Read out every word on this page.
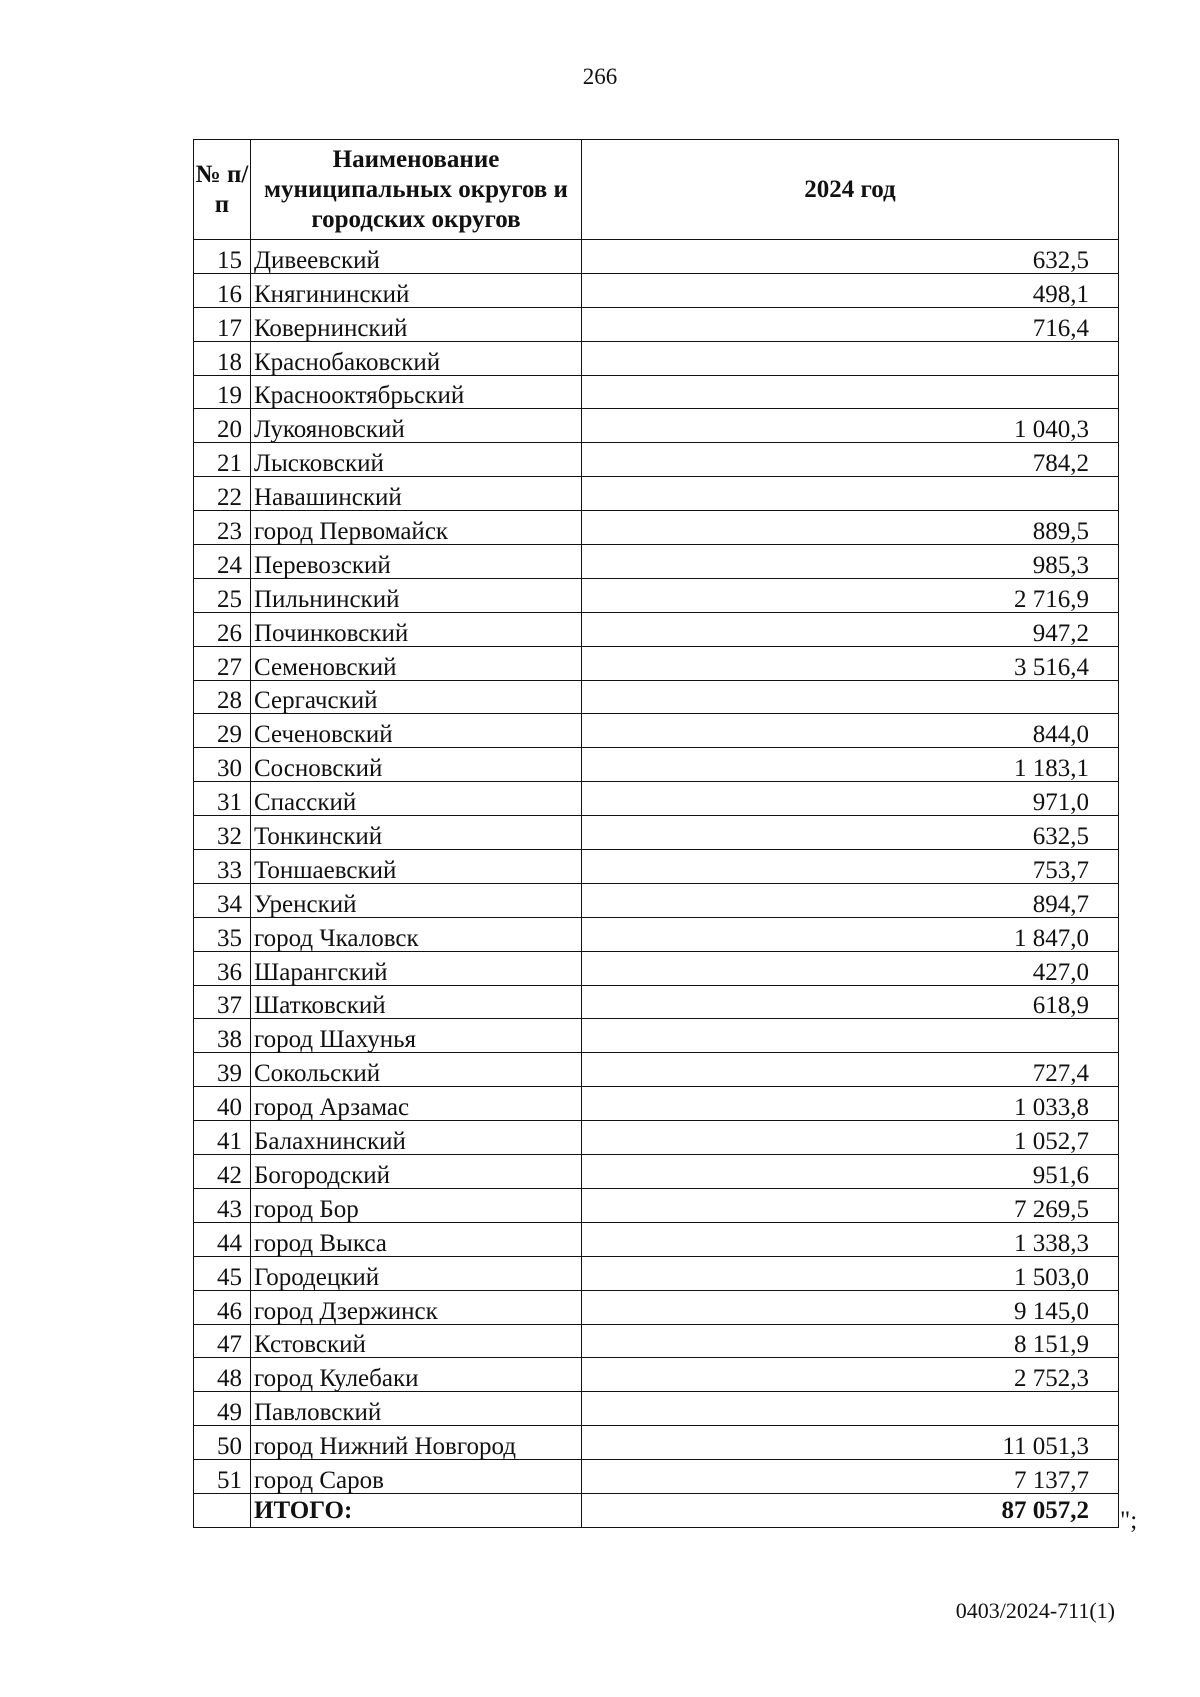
266
№ п/п	Наименование муниципальных округов и городских округов	2024 год
15	Дивеевский	632,5
16	Княгининский	498,1
17	Ковернинский	716,4
18	Краснобаковский	
19	Краснооктябрьский	
20	Лукояновский	1 040,3
21	Лысковский	784,2
22	Навашинский	
23	город Первомайск	889,5
24	Перевозский	985,3
25	Пильнинский	2 716,9
26	Починковский	947,2
27	Семеновский	3 516,4
28	Сергачский	
29	Сеченовский	844,0
30	Сосновский	1 183,1
31	Спасский	971,0
32	Тонкинский	632,5
33	Тоншаевский	753,7
34	Уренский	894,7
35	город Чкаловск	1 847,0
36	Шарангский	427,0
37	Шатковский	618,9
38	город Шахунья	
39	Сокольский	727,4
40	город Арзамас	1 033,8
41	Балахнинский	1 052,7
42	Богородский	951,6
43	город Бор	7 269,5
44	город Выкса	1 338,3
45	Городецкий	1 503,0
46	город Дзержинск	9 145,0
47	Кстовский	8 151,9
48	город Кулебаки	2 752,3
49	Павловский	
50	город Нижний Новгород	11 051,3
51	город Саров	7 137,7
	ИТОГО:	87 057,2 ";
0403/2024-711(1)
